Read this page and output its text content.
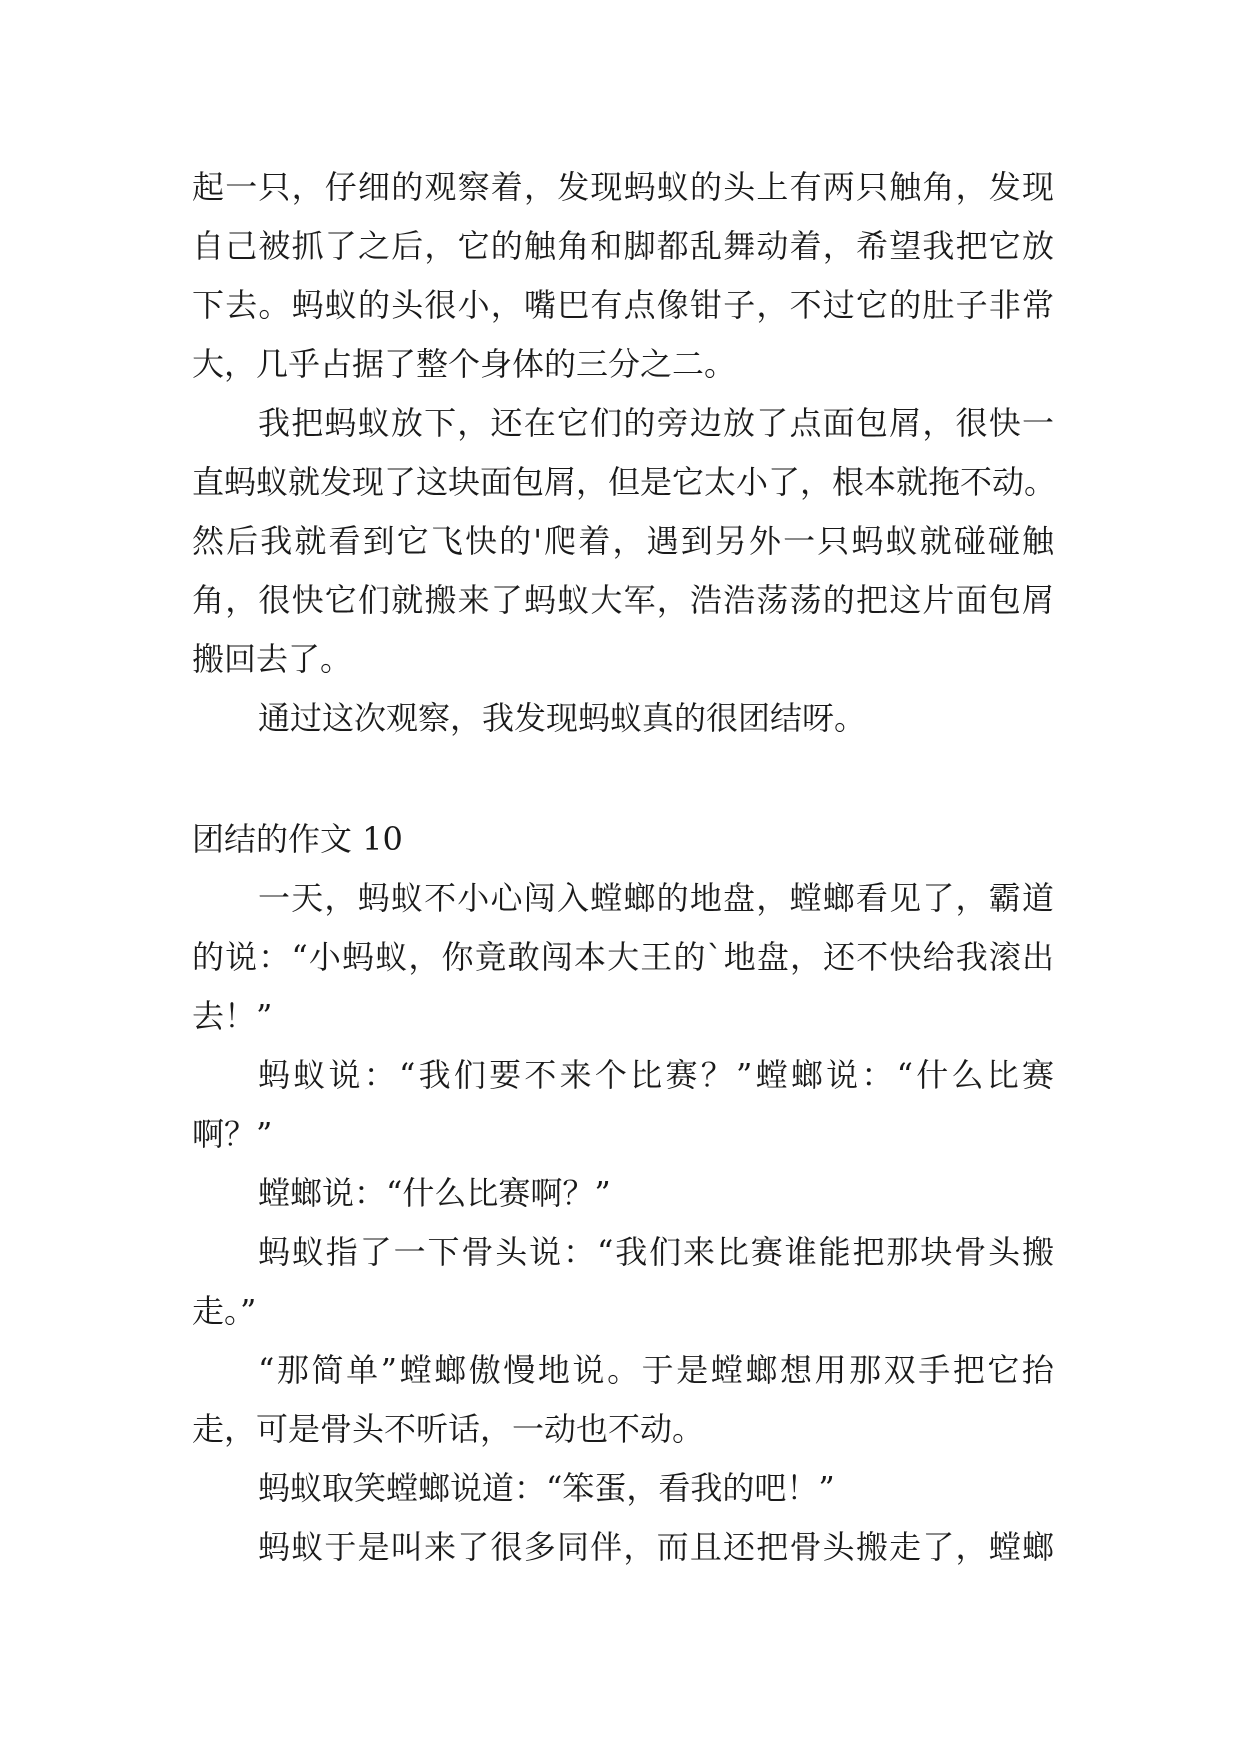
起一只，仔细的观察着，发现蚂蚁的头上有两只触角，发现
自己被抓了之后，它的触角和脚都乱舞动着，希望我把它放
下去。蚂蚁的头很小，嘴巴有点像钳子，不过它的肚子非常
大，几乎占据了整个身体的三分之二。
我把蚂蚁放下，还在它们的旁边放了点面包屑，很快一
直蚂蚁就发现了这块面包屑，但是它太小了，根本就拖不动。
然后我就看到它飞快的'爬着，遇到另外一只蚂蚁就碰碰触
角，很快它们就搬来了蚂蚁大军，浩浩荡荡的把这片面包屑
搬回去了。
通过这次观察，我发现蚂蚁真的很团结呀。
团结的作文 10
一天，蚂蚁不小心闯入螳螂的地盘，螳螂看见了，霸道
的说：“小蚂蚁，你竟敢闯本大王的`地盘，还不快给我滚出
去！”
蚂蚁说：“我们要不来个比赛？”螳螂说：“什么比赛
啊？”
螳螂说：“什么比赛啊？”
蚂蚁指了一下骨头说：“我们来比赛谁能把那块骨头搬
走。”
“那简单”螳螂傲慢地说。于是螳螂想用那双手把它抬
走，可是骨头不听话，一动也不动。
蚂蚁取笑螳螂说道：“笨蛋，看我的吧！”
蚂蚁于是叫来了很多同伴，而且还把骨头搬走了，螳螂
